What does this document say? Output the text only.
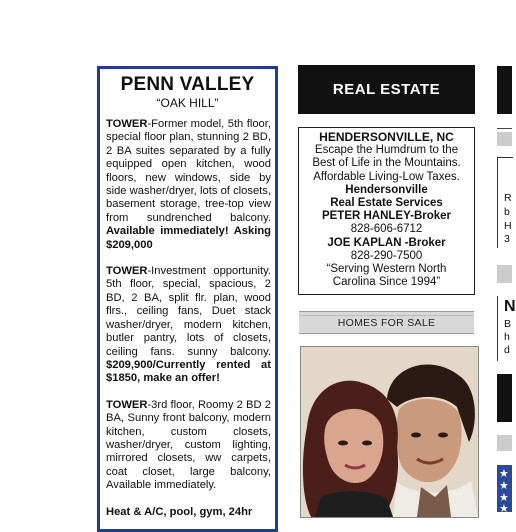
PENN VALLEY
“OAK HILL”
TOWER-Former model, 5th floor, special floor plan, stunning 2 BD, 2 BA suites separated by a fully equipped open kitchen, wood floors, new windows, side by side washer/dryer, lots of closets, basement storage, tree-top view from sundrenched balcony. Available immediately! Asking $209,000
TOWER-Investment opportunity. 5th floor, special, spacious, 2 BD, 2 BA, split flr. plan, wood flrs., ceiling fans, Duet stack washer/dryer, modern kitchen, butler pantry, lots of closets, ceiling fans. sunny balcony. $209,900/Currently rented at $1850, make an offer!
TOWER-3rd floor, Roomy 2 BD 2 BA, Sunny front balcony, modern kitchen, custom closets, washer/dryer, custom lighting, mirrored closets, ww carpets, coat closet, large balcony, Available immediately.
Heat & A/C, pool, gym, 24hr
REAL ESTATE
HENDERSONVILLE, NC
Escape the Humdrum to the
Best of Life in the Mountains.
Affordable Living-Low Taxes.
Hendersonville
Real Estate Services
PETER HANLEY-Broker
828-606-6712
JOE KAPLAN -Broker
828-290-7500
“Serving Western North
Carolina Since 1994”
HOMES FOR SALE
R
b
H
3
N
B
h
d
★
★
★
★
